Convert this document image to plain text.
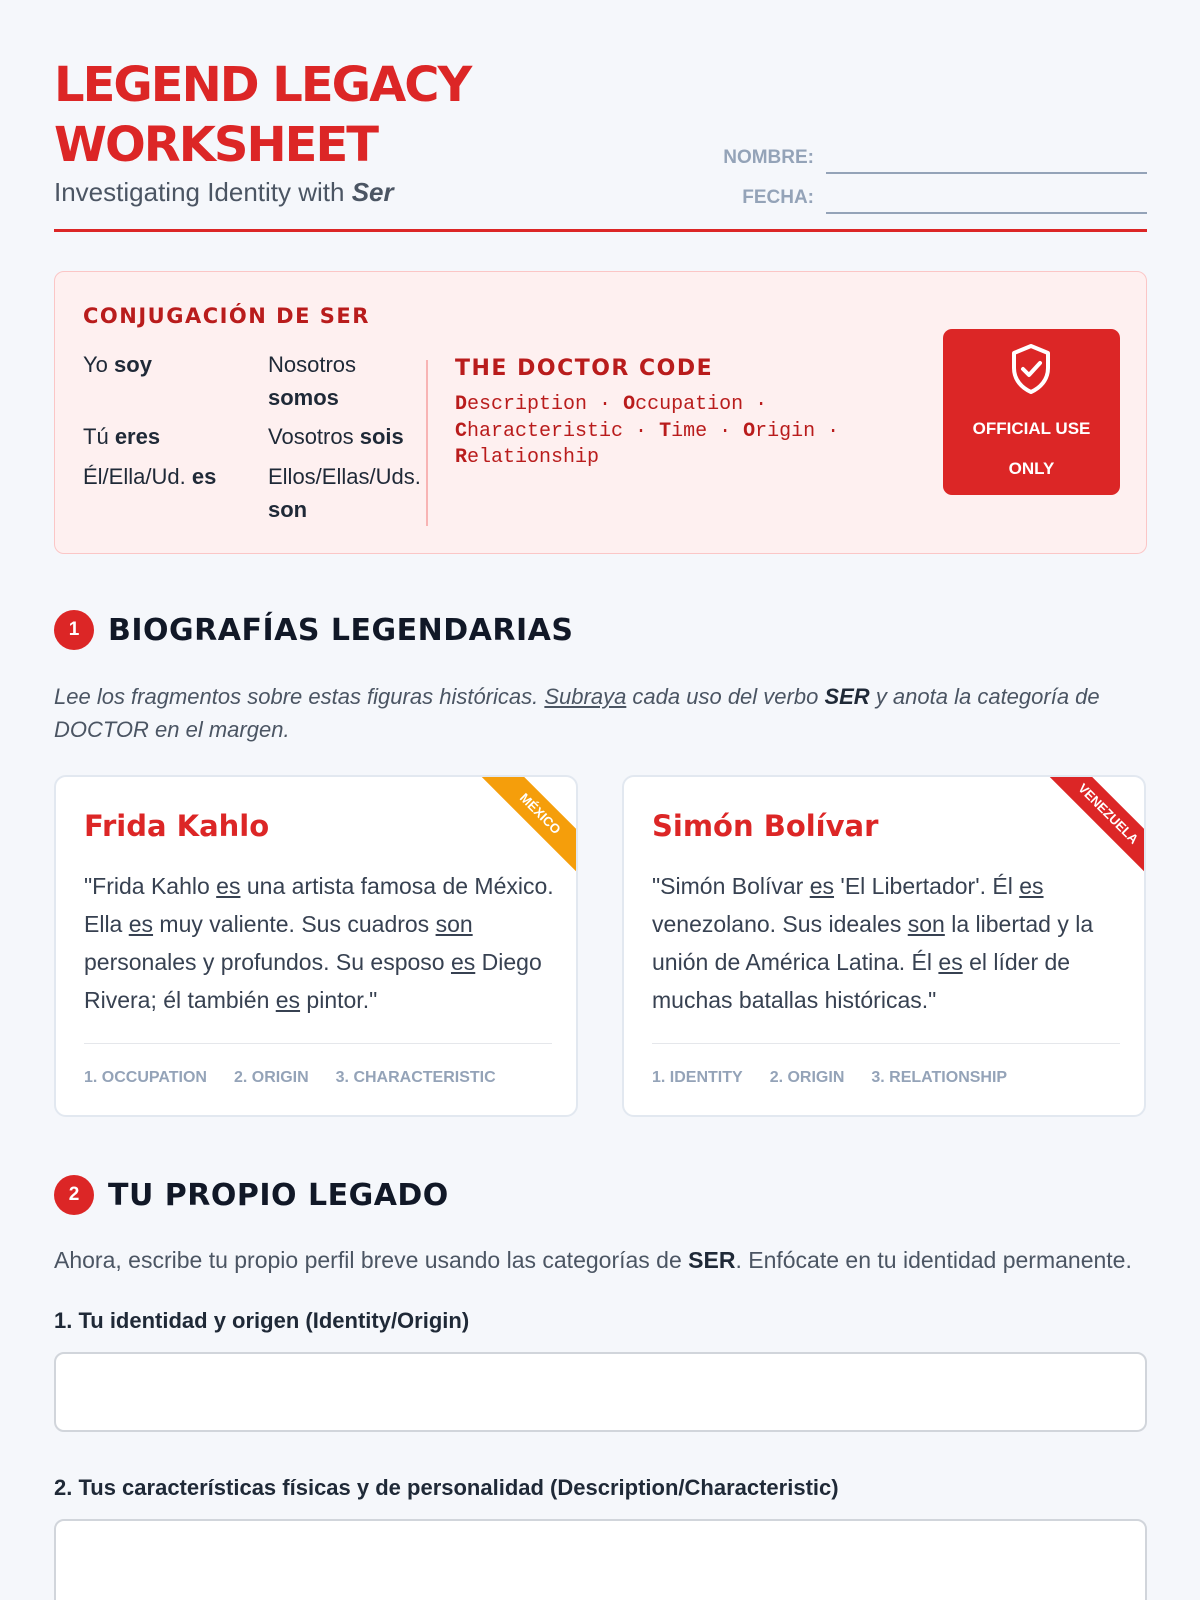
LEGEND LEGACY
WORKSHEET
Investigating Identity with Ser
NOMBRE:
FECHA:
CONJUGACIÓN DE SER
Yo soy
Tú eres
Él/Ella/Ud. es
Nosotros
somos
Vosotros sois
Ellos/Ellas/Uds.
son
THE DOCTOR CODE
Description · Occupation ·
Characteristic · Time · Origin ·
Relationship
OFFICIAL USE
ONLY
1 BIOGRAFÍAS LEGENDARIAS
Lee los fragmentos sobre estas figuras históricas. Subraya cada uso del verbo SER y anota la categoría de DOCTOR en el margen.
MÉXICO
Frida Kahlo
"Frida Kahlo es una artista famosa de México. Ella es muy valiente. Sus cuadros son personales y profundos. Su esposo es Diego Rivera; él también es pintor."
1. OCCUPATION 2. ORIGIN 3. CHARACTERISTIC
VENEZUELA
Simón Bolívar
"Simón Bolívar es 'El Libertador'. Él es venezolano. Sus ideales son la libertad y la unión de América Latina. Él es el líder de muchas batallas históricas."
1. IDENTITY 2. ORIGIN 3. RELATIONSHIP
2 TU PROPIO LEGADO
Ahora, escribe tu propio perfil breve usando las categorías de SER. Enfócate en tu identidad permanente.
1. Tu identidad y origen (Identity/Origin)
2. Tus características físicas y de personalidad (Description/Characteristic)
